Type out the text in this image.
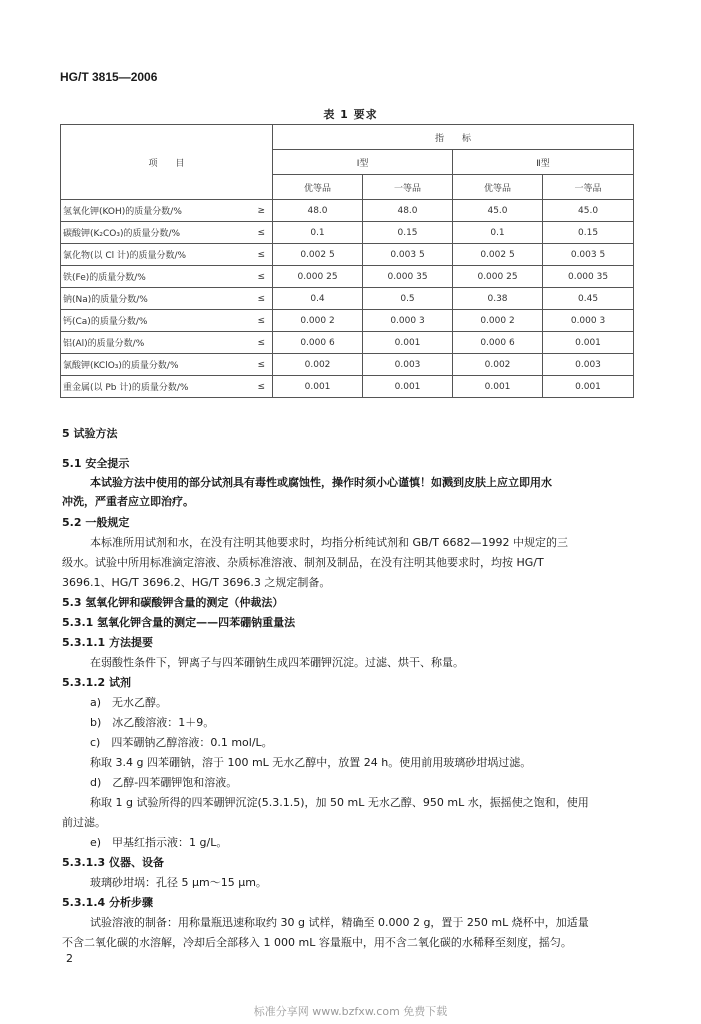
HG/T 3815—2006
表 1 要求
项　　目		指　　标			
		Ⅰ型		Ⅱ型	
		优等品	一等品	优等品	一等品
氢氧化钾(KOH)的质量分数/%	≥	48.0	48.0	45.0	45.0
碳酸钾(K₂CO₃)的质量分数/%	≤	0.1	0.15	0.1	0.15
氯化物(以 Cl 计)的质量分数/%	≤	0.002 5	0.003 5	0.002 5	0.003 5
铁(Fe)的质量分数/%	≤	0.000 25	0.000 35	0.000 25	0.000 35
钠(Na)的质量分数/%	≤	0.4	0.5	0.38	0.45
钙(Ca)的质量分数/%	≤	0.000 2	0.000 3	0.000 2	0.000 3
铝(Al)的质量分数/%	≤	0.000 6	0.001	0.000 6	0.001
氯酸钾(KClO₃)的质量分数/%	≤	0.002	0.003	0.002	0.003
重金属(以 Pb 计)的质量分数/%	≤	0.001	0.001	0.001	0.001
5 试验方法
5.1 安全提示
本试验方法中使用的部分试剂具有毒性或腐蚀性，操作时须小心谨慎！如溅到皮肤上应立即用水
冲洗，严重者应立即治疗。
5.2 一般规定
本标准所用试剂和水，在没有注明其他要求时，均指分析纯试剂和 GB/T 6682—1992 中规定的三
级水。试验中所用标准滴定溶液、杂质标准溶液、制剂及制品，在没有注明其他要求时，均按 HG/T
3696.1、HG/T 3696.2、HG/T 3696.3 之规定制备。
5.3 氢氧化钾和碳酸钾含量的测定（仲裁法）
5.3.1 氢氧化钾含量的测定——四苯硼钠重量法
5.3.1.1 方法提要
在弱酸性条件下，钾离子与四苯硼钠生成四苯硼钾沉淀。过滤、烘干、称量。
5.3.1.2 试剂
a)　无水乙醇。
b)　冰乙酸溶液：1＋9。
c)　四苯硼钠乙醇溶液：0.1 mol/L。
称取 3.4 g 四苯硼钠，溶于 100 mL 无水乙醇中，放置 24 h。使用前用玻璃砂坩埚过滤。
d)　乙醇-四苯硼钾饱和溶液。
称取 1 g 试验所得的四苯硼钾沉淀(5.3.1.5)，加 50 mL 无水乙醇、950 mL 水，振摇使之饱和，使用
前过滤。
e)　甲基红指示液：1 g/L。
5.3.1.3 仪器、设备
玻璃砂坩埚：孔径 5 μm～15 μm。
5.3.1.4 分析步骤
试验溶液的制备：用称量瓶迅速称取约 30 g 试样，精确至 0.000 2 g，置于 250 mL 烧杯中，加适量
不含二氧化碳的水溶解，冷却后全部移入 1 000 mL 容量瓶中，用不含二氧化碳的水稀释至刻度，摇匀。
2
标准分享网 www.bzfxw.com 免费下载
